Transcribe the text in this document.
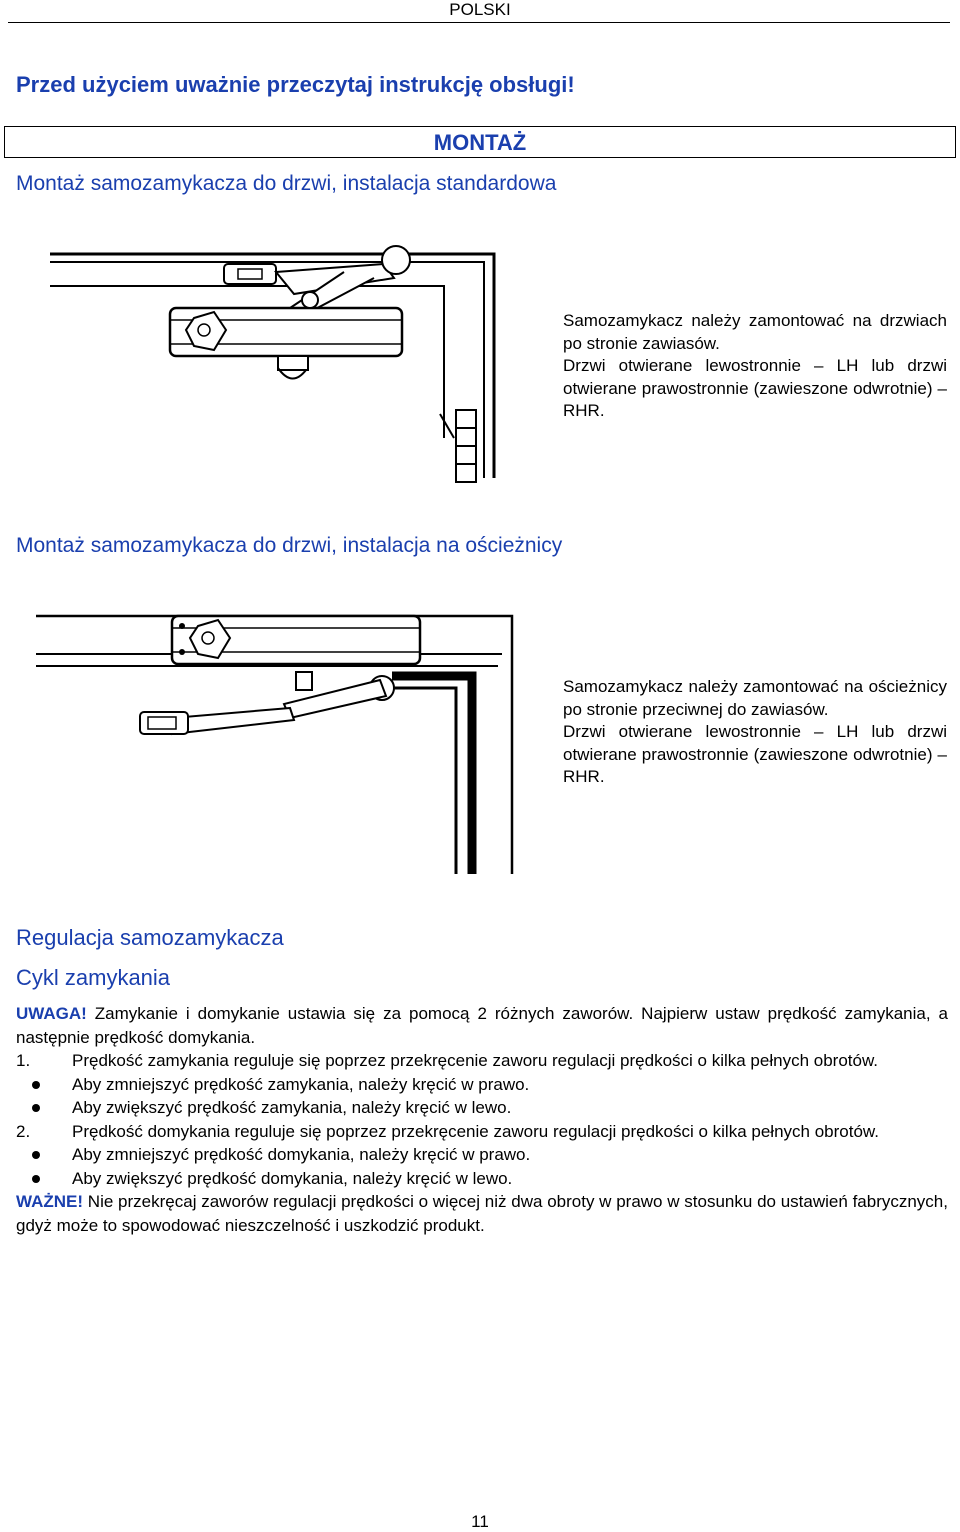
POLSKI
Przed użyciem uważnie przeczytaj instrukcję obsługi!
MONTAŻ
Montaż samozamykacza do drzwi, instalacja standardowa

Samozamykacz należy zamontować na drzwiach po stronie zawiasów.

Drzwi otwierane lewostronnie – LH lub drzwi otwierane prawostronnie (zawieszone odwrotnie) – RHR.

Montaż samozamykacza do drzwi, instalacja na ościeżnicy

Samozamykacz należy zamontować na ościeżnicy po stronie przeciwnej do zawiasów.

Drzwi otwierane lewostronnie – LH lub drzwi otwierane prawostronnie (zawieszone odwrotnie) – RHR.

Regulacja samozamykacza
Cykl zamykania
UWAGA! Zamykanie i domykanie ustawia się za pomocą 2 różnych zaworów. Najpierw ustaw prędkość zamykania, a następnie prędkość domykania.
1.	Prędkość zamykania reguluje się poprzez przekręcenie zaworu regulacji prędkości o kilka pełnych obrotów.
Aby zmniejszyć prędkość zamykania, należy kręcić w prawo.
Aby zwiększyć prędkość zamykania, należy kręcić w lewo.
2.	Prędkość domykania reguluje się poprzez przekręcenie zaworu regulacji prędkości o kilka pełnych obrotów.
Aby zmniejszyć prędkość domykania, należy kręcić w prawo.
Aby zwiększyć prędkość domykania, należy kręcić w lewo.
WAŻNE! Nie przekręcaj zaworów regulacji prędkości o więcej niż dwa obroty w prawo w stosunku do ustawień fabrycznych, gdyż może to spowodować nieszczelność i uszkodzić produkt.
11
